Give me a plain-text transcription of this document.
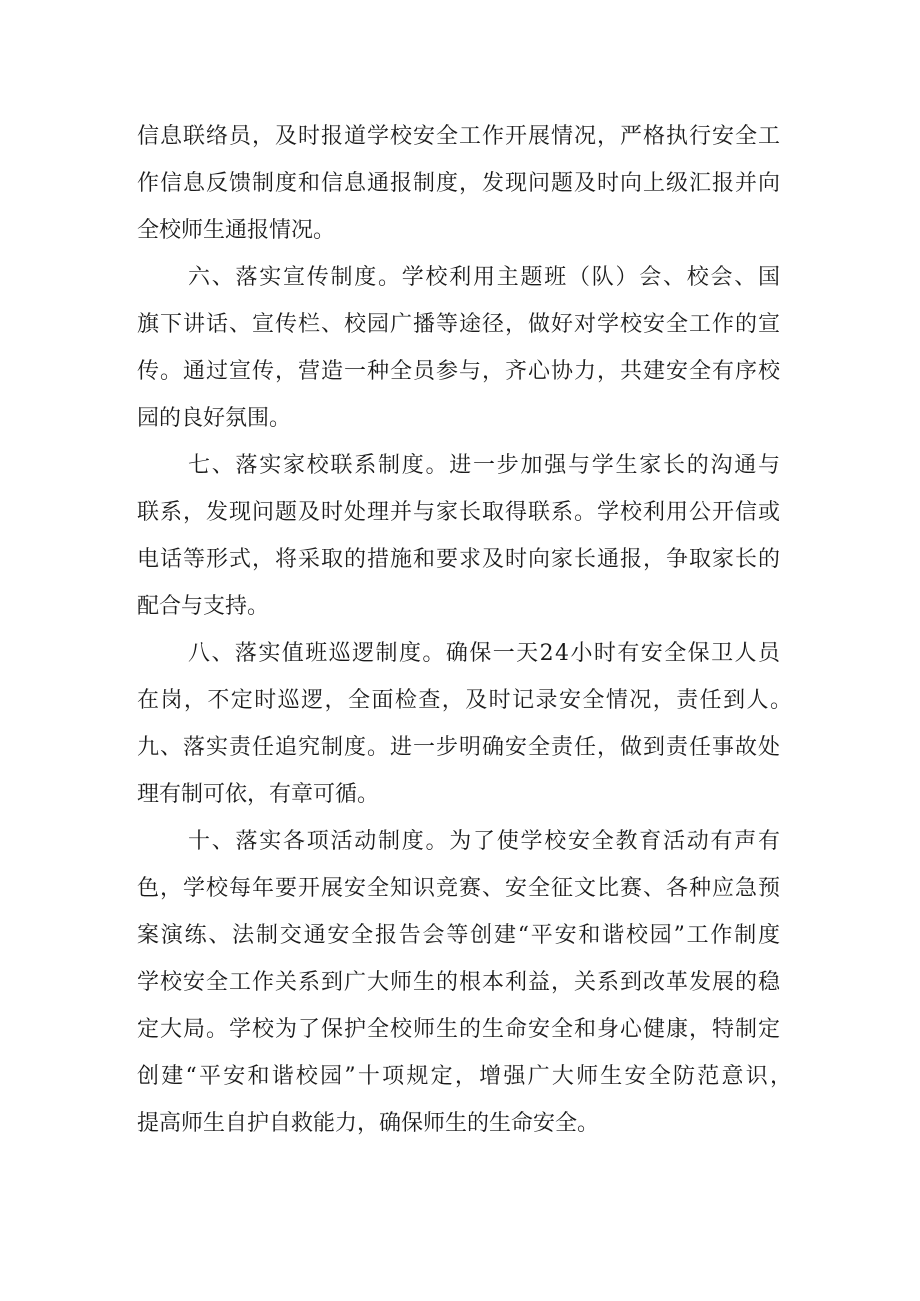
信息联络员，及时报道学校安全工作开展情况，严格执行安全工
作信息反馈制度和信息通报制度，发现问题及时向上级汇报并向
全校师生通报情况。
六、落实宣传制度。学校利用主题班（队）会、校会、国
旗下讲话、宣传栏、校园广播等途径，做好对学校安全工作的宣
传。通过宣传，营造一种全员参与，齐心协力，共建安全有序校
园的良好氛围。
七、落实家校联系制度。进一步加强与学生家长的沟通与
联系，发现问题及时处理并与家长取得联系。学校利用公开信或
电话等形式，将采取的措施和要求及时向家长通报，争取家长的
配合与支持。
八、落实值班巡逻制度。确保一天24小时有安全保卫人员
在岗，不定时巡逻，全面检查，及时记录安全情况，责任到人。
九、落实责任追究制度。进一步明确安全责任，做到责任事故处
理有制可依，有章可循。
十、落实各项活动制度。为了使学校安全教育活动有声有
色，学校每年要开展安全知识竞赛、安全征文比赛、各种应急预
案演练、法制交通安全报告会等创建“平安和谐校园”工作制度
学校安全工作关系到广大师生的根本利益，关系到改革发展的稳
定大局。学校为了保护全校师生的生命安全和身心健康，特制定
创建“平安和谐校园”十项规定，增强广大师生安全防范意识，
提高师生自护自救能力，确保师生的生命安全。
